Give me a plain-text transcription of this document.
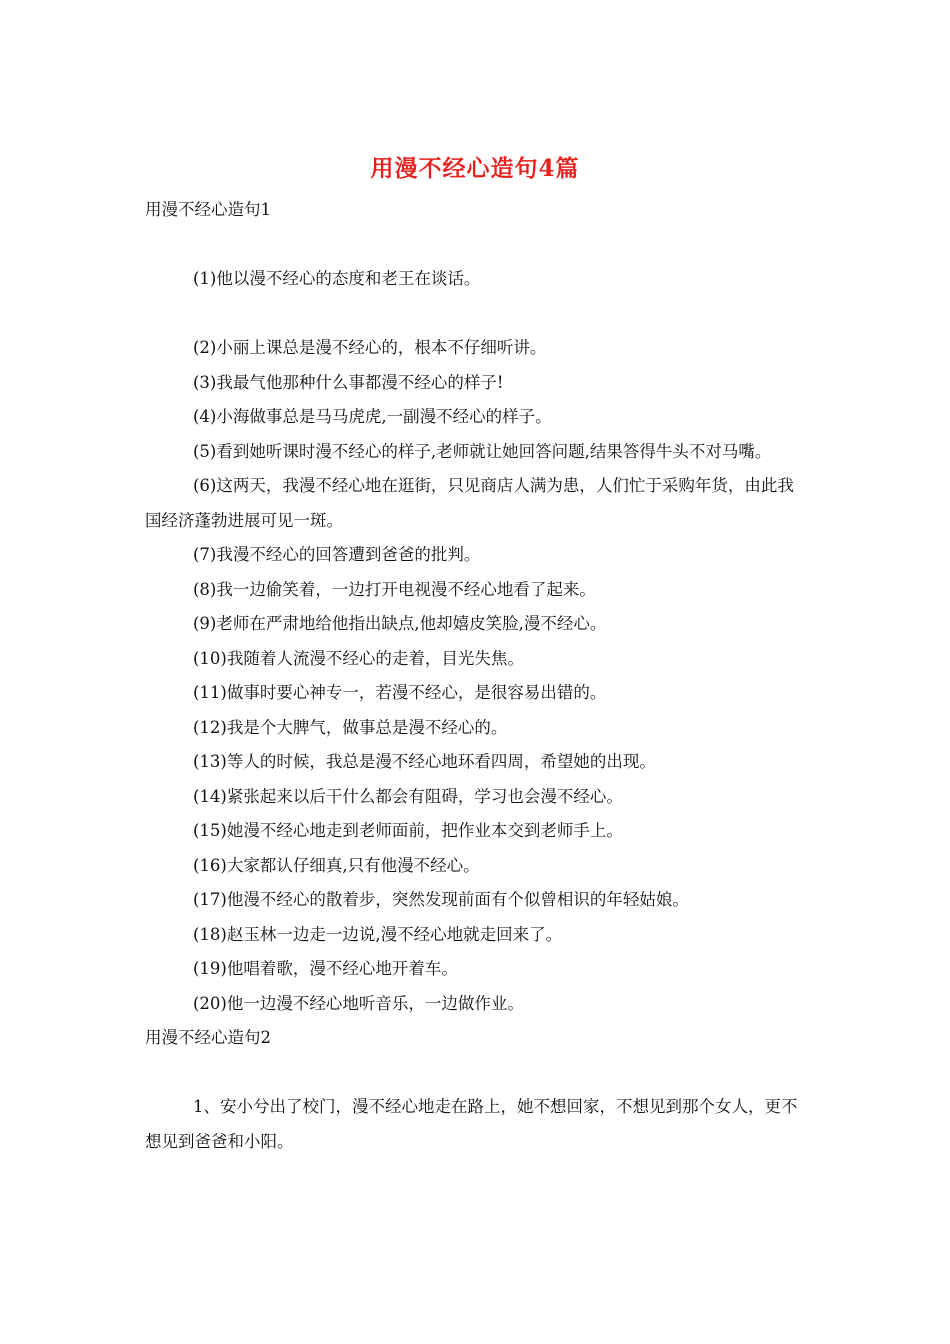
用漫不经心造句4篇

用漫不经心造句1

(1)他以漫不经心的态度和老王在谈话。

(2)小丽上课总是漫不经心的，根本不仔细听讲。

(3)我最气他那种什么事都漫不经心的样子!

(4)小海做事总是马马虎虎,一副漫不经心的样子。

(5)看到她听课时漫不经心的样子,老师就让她回答问题,结果答得牛头不对马嘴。

(6)这两天，我漫不经心地在逛街，只见商店人满为患，人们忙于采购年货，由此我国经济蓬勃进展可见一斑。

(7)我漫不经心的回答遭到爸爸的批判。

(8)我一边偷笑着，一边打开电视漫不经心地看了起来。

(9)老师在严肃地给他指出缺点,他却嬉皮笑脸,漫不经心。

(10)我随着人流漫不经心的走着，目光失焦。

(11)做事时要心神专一，若漫不经心，是很容易出错的。

(12)我是个大脾气，做事总是漫不经心的。

(13)等人的时候，我总是漫不经心地环看四周，希望她的出现。

(14)紧张起来以后干什么都会有阻碍，学习也会漫不经心。

(15)她漫不经心地走到老师面前，把作业本交到老师手上。

(16)大家都认仔细真,只有他漫不经心。

(17)他漫不经心的散着步，突然发现前面有个似曾相识的年轻姑娘。

(18)赵玉林一边走一边说,漫不经心地就走回来了。

(19)他唱着歌，漫不经心地开着车。

(20)他一边漫不经心地听音乐，一边做作业。

用漫不经心造句2

1、安小兮出了校门，漫不经心地走在路上，她不想回家，不想见到那个女人，更不想见到爸爸和小阳。
